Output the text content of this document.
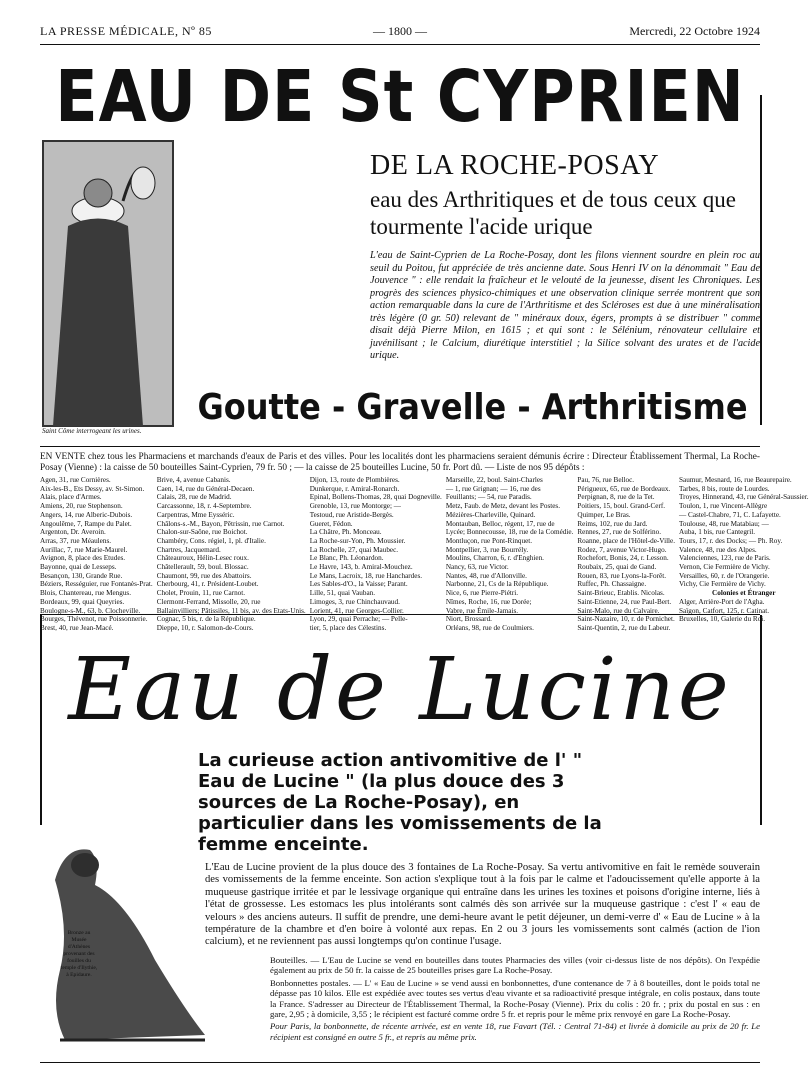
LA PRESSE MÉDICALE, Nº 85	— 1800 —	Mercredi, 22 Octobre 1924
EAU DE St CYPRIEN
Saint Côme interrogeant les urines.
DE LA ROCHE-POSAY
eau des Arthritiques et de tous ceux que tourmente l'acide urique
L'eau de Saint-Cyprien de La Roche-Posay, dont les filons viennent sourdre en plein roc au seuil du Poitou, fut appréciée de très ancienne date. Sous Henri IV on la dénommait " Eau de Jouvence " : elle rendait la fraîcheur et le velouté de la jeunesse, disent les Chroniques. Les progrès des sciences physico-chimiques et une observation clinique serrée montrent que son action remarquable dans la cure de l'Arthritisme et des Scléroses est due à une minéralisation très légère (0 gr. 50) relevant de " minéraux doux, égers, prompts à se distribuer " comme disait déjà Pierre Milon, en 1615 ; et qui sont : le Sélénium, rénovateur cellulaire et juvénilisant ; le Calcium, diurétique interstitiel ; la Silice solvant des urates et de l'acide urique.
Goutte - Gravelle - Arthritisme
EN VENTE chez tous les Pharmaciens et marchands d'eaux de Paris et des villes. Pour les localités dont les pharmaciens seraient démunis écrire : Directeur Établissement Thermal, La Roche-Posay (Vienne) : la caisse de 50 bouteilles Saint-Cyprien, 79 fr. 50 ; — la caisse de 25 bouteilles Lucine, 50 fr. Port dû. — Liste de nos 95 dépôts :
Agen, 31, rue Cornières.
Aix-les-B., Ets Dessy, av. St-Simon.
Alais, place d'Armes.
Amiens, 20, rue Stephenson.
Angers, 14, rue Alberic-Dubois.
Angoulême, 7, Rampe du Palet.
Argenton, Dr. Averoin.
Arras, 37, rue Méaulens.
Aurillac, 7, rue Marie-Maurel.
Avignon, 8, place des Etudes.
Bayonne, quai de Lesseps.
Besançon, 130, Grande Rue.
Béziers, Rességuier, rue Fontanès-Prat.
Blois, Chantereau, rue Mengus.
Bordeaux, 99, quai Queyries.
Boulogne-s-M., 63, b. Clocheville.
Bourges, Thévenot, rue Poissonnerie.
Brest, 40, rue Jean-Macé.
Brive, 4, avenue Cabanis.
Caen, 14, rue du Général-Decaen.
Calais, 28, rue de Madrid.
Carcassonne, 18, r. 4-Septembre.
Carpentras, Mme Eysséric.
Châlons-s.-M., Bayon, Pêtrissin, rue Carnot.
Chalon-sur-Saône, rue Boichot.
Chambéry, Cons. régiel, 1, pl. d'Italie.
Chartres, Jacquemard.
Châteauroux, Hélin-Lesec roux.
Châtellerault, 59, boul. Blossac.
Chaumont, 99, rue des Abattoirs.
Cherbourg, 41, r. Président-Loubet.
Cholet, Prouin, 11, rue Carnot.
Clermont-Ferrand, Missolle, 20, rue
Ballainvilliers; Pâtissiles, 11 bis, av. des Etats-Unis.
Cognac, 5 bis, r. de la République.
Dieppe, 10, r. Salomon-de-Cours.
Dijon, 13, route de Plombières.
Dunkerque, r. Amiral-Ronarch.
Epinal, Bollens-Thomas, 28, quai Dogneville.
Grenoble, 13, rue Montorge; —
Testoud, rue Aristide-Bergès.
Gueret, Fédon.
La Châtre, Ph. Monceau.
La Roche-sur-Yon, Ph. Moussier.
La Rochelle, 27, quai Maubec.
Le Blanc, Ph. Léonardon.
Le Havre, 143, b. Amiral-Mouchez.
Le Mans, Lacroix, 18, rue Hanchardes.
Les Sables-d'O., la Vaisse; Parant.
Lille, 51, quai Vauban.
Limoges, 3, rue Chinchauvaud.
Lorient, 41, rue Georges-Collier.
Lyon, 29, quai Perrache; — Pelle-
tier, 5, place des Célestins.
Marseille, 22, boul. Saint-Charles
— 1, rue Grignan; — 16, rue des
Feuillants; — 54, rue Paradis.
Metz, Faub. de Metz, devant les Postes.
Mézières-Charleville, Quinard.
Montauban, Belloc, régent, 17, rue de
Lycée; Bonnecousse, 18, rue de la Comédie.
Montluçon, rue Pont-Rinquet.
Montpellier, 3, rue Bourrély.
Moulins, Charron, 6, r. d'Enghien.
Nancy, 63, rue Victor.
Nantes, 48, rue d'Allonville.
Narbonne, 21, Cs de la République.
Nice, 6, rue Pierre-Piétri.
Nîmes, Roche, 16, rue Dorée;
Vabre, rue Émile-Jamais.
Niort, Brossard.
Orléans, 98, rue de Coulmiers.
Pau, 76, rue Belloc.
Périgueux, 65, rue de Bordeaux.
Perpignan, 8, rue de la Tet.
Poitiers, 15, boul. Grand-Cerf.
Quimper, Le Bras.
Reims, 102, rue du Jard.
Rennes, 27, rue de Solférino.
Roanne, place de l'Hôtel-de-Ville.
Rodez, 7, avenue Victor-Hugo.
Rochefort, Bonis, 24, r. Lesson.
Roubaix, 25, quai de Gand.
Rouen, 83, rue Lyons-la-Forêt.
Ruffec, Ph. Chassaigne.
Saint-Brieuc, Etablis. Nicolas.
Saint-Etienne, 24, rue Paul-Bert.
Saint-Malo, rue du Calvaire.
Saint-Nazaire, 10, r. de Pornichet.
Saint-Quentin, 2, rue du Labeur.
Saumur, Mesnard, 16, rue Beaurepaire.
Tarbes, 8 bis, route de Lourdes.
Troyes, Hinnerand, 43, rue Général-Saussier.
Toulon, 1, rue Vincent-Allègre
— Castel-Chabre, 71, C. Lafayette.
Toulouse, 48, rue Matabiau; —
Auba, 1 bis, rue Cantegril.
Tours, 17, r. des Docks; — Ph. Roy.
Valence, 48, rue des Alpes.
Valenciennes, 123, rue de Paris.
Vernon, Cie Fermière de Vichy.
Versailles, 60, r. de l'Orangerie.
Vichy, Cie Fermière de Vichy.
Colonies et Étranger
Alger, Arrière-Port de l'Agha.
Saïgon, Catfort, 125, r. Catinat.
Bruxelles, 10, Galerie du Roi.
Eau de Lucine
La curieuse action antivomitive de l' " Eau de Lucine " (la plus douce des 3 sources de La Roche-Posay), en particulier dans les vomissements de la femme enceinte.
Bronze au Musée d'Athènes provenant des fouilles du temple d'Ilythie, à Epidaure.
L'Eau de Lucine provient de la plus douce des 3 fontaines de La Roche-Posay. Sa vertu antivomitive en fait le remède souverain des vomissements de la femme enceinte. Son action s'explique tout à la fois par le calme et l'adoucissement qu'elle apporte à la muqueuse gastrique irritée et par le lessivage organique qui entraîne dans les urines les toxines et poisons d'origine interne, liés à l'état de grossesse. Les estomacs les plus intolérants sont calmés dès son arrivée sur la muqueuse gastrique : c'est l' « eau de velours » des anciens auteurs. Il suffit de prendre, une demi-heure avant le petit déjeuner, un demi-verre d' « Eau de Lucine » à la température de la chambre et d'en boire à volonté aux repas. En 2 ou 3 jours les vomissements sont calmés (action de l'ion calcium), et ne reviennent pas aussi longtemps qu'on continue l'usage.

Bouteilles. — L'Eau de Lucine se vend en bouteilles dans toutes Pharmacies des villes (voir ci-dessus liste de nos dépôts). On l'expédie également au prix de 50 fr. la caisse de 25 bouteilles prises gare La Roche-Posay.

Bonbonnettes postales. — L' « Eau de Lucine » se vend aussi en bonbonnettes, d'une contenance de 7 à 8 bouteilles, dont le poids total ne dépasse pas 10 kilos. Elle est expédiée avec toutes ses vertus d'eau vivante et sa radioactivité presque intégrale, en colis postaux, dans toute la France. S'adresser au Directeur de l'Établissement Thermal, la Roche-Posay (Vienne). Prix du colis : 20 fr. ; prix du postal en sus : en gare, 2,95 ; à domicile, 3,55 ; le récipient est facturé comme ordre 5 fr. et repris pour le même prix renvoyé en gare La Roche-Posay.

Pour Paris, la bonbonnette, de récente arrivée, est en vente 18, rue Favart (Tél. : Central 71-84) et livrée à domicile au prix de 20 fr. Le récipient est consigné en outre 5 fr., et repris au même prix.
